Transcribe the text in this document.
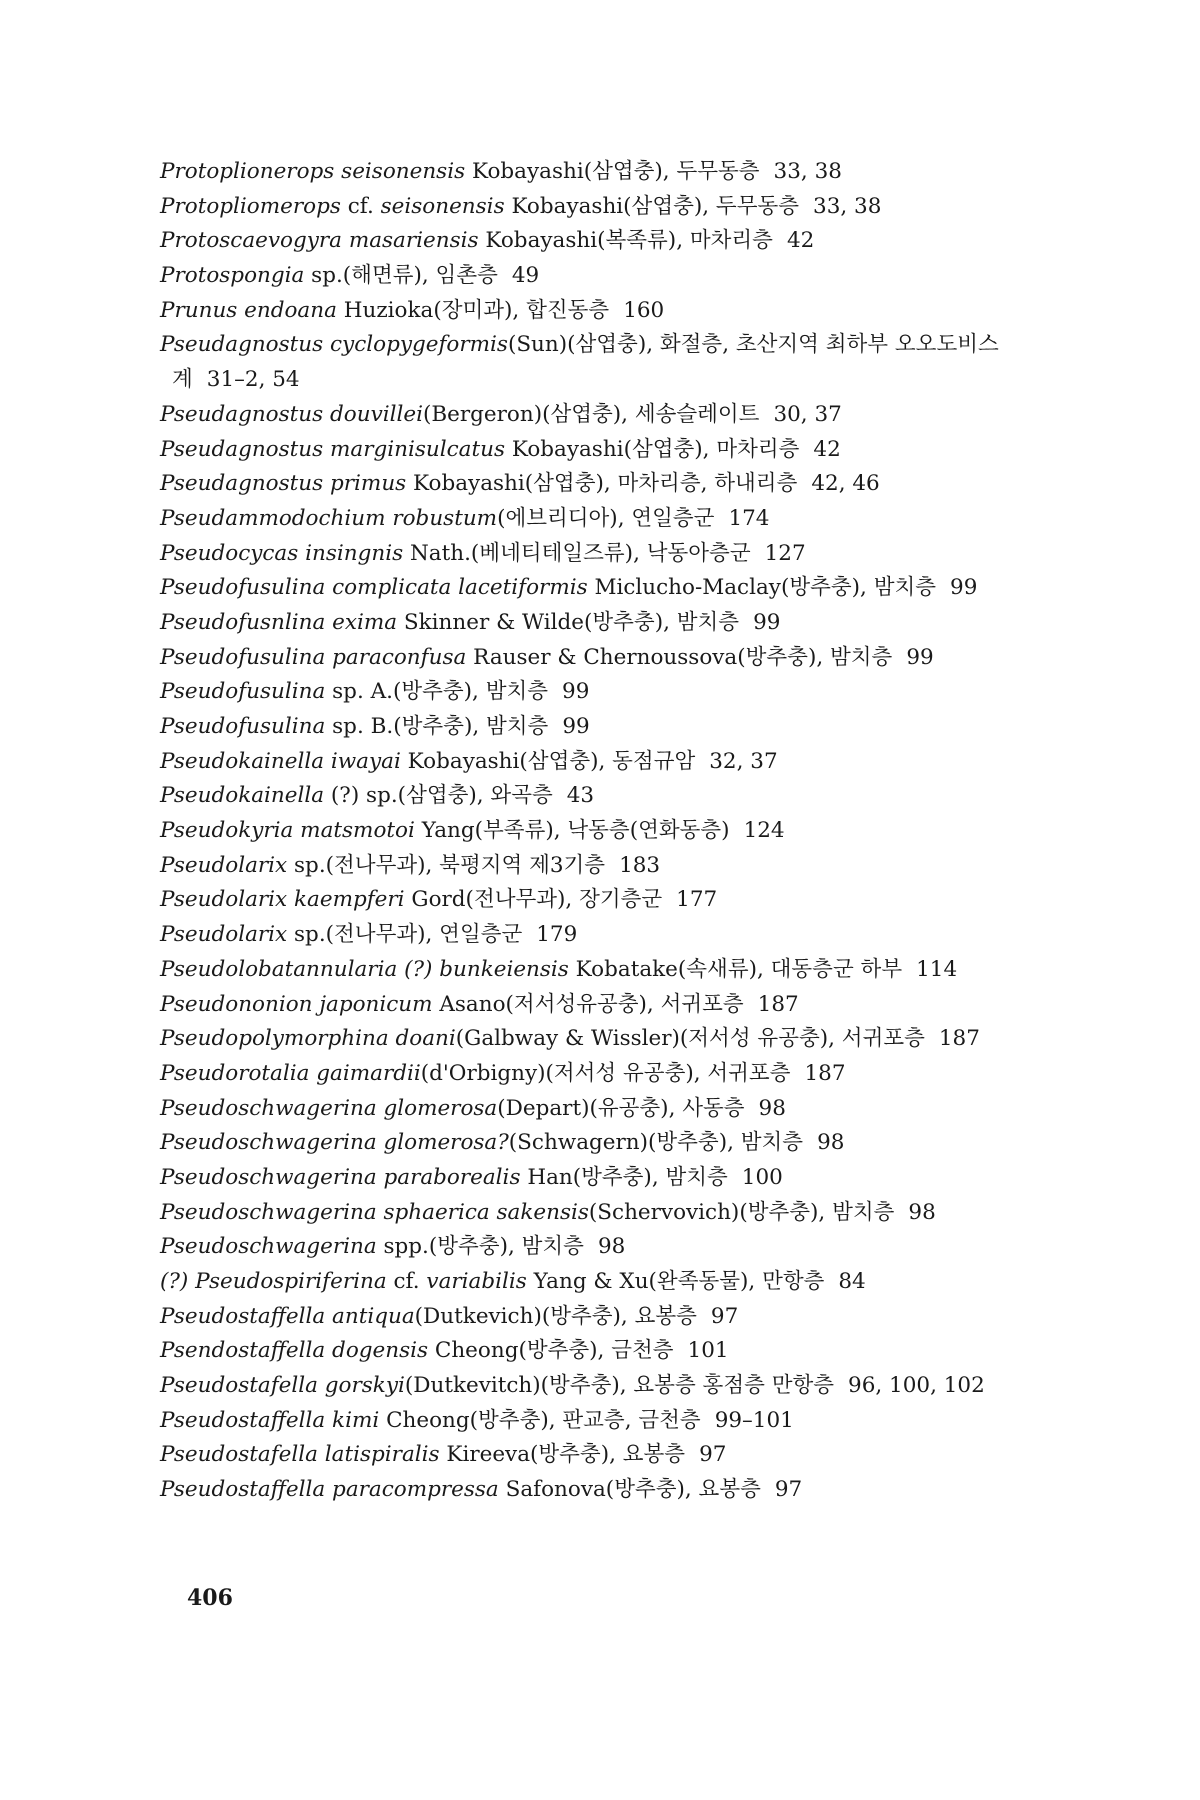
Protoplionerops seisonensis Kobayashi(삼엽충), 두무동층 33, 38
Protopliomerops cf. seisonensis Kobayashi(삼엽충), 두무동층 33, 38
Protoscaevogyra masariensis Kobayashi(복족류), 마차리층 42
Protospongia sp.(해면류), 임촌층 49
Prunus endoana Huzioka(장미과), 합진동층 160
Pseudagnostus cyclopygeformis(Sun)(삼엽충), 화절층, 초산지역 최하부 오오도비스
계 31–2, 54
Pseudagnostus douvillei(Bergeron)(삼엽충), 세송슬레이트 30, 37
Pseudagnostus marginisulcatus Kobayashi(삼엽충), 마차리층 42
Pseudagnostus primus Kobayashi(삼엽충), 마차리층, 하내리층 42, 46
Pseudammodochium robustum(에브리디아), 연일층군 174
Pseudocycas insingnis Nath.(베네티테일즈류), 낙동아층군 127
Pseudofusulina complicata lacetiformis Miclucho-Maclay(방추충), 밤치층 99
Pseudofusnlina exima Skinner & Wilde(방추충), 밤치층 99
Pseudofusulina paraconfusa Rauser & Chernoussova(방추충), 밤치층 99
Pseudofusulina sp. A.(방추충), 밤치층 99
Pseudofusulina sp. B.(방추충), 밤치층 99
Pseudokainella iwayai Kobayashi(삼엽충), 동점규암 32, 37
Pseudokainella (?) sp.(삼엽충), 와곡층 43
Pseudokyria matsmotoi Yang(부족류), 낙동층(연화동층) 124
Pseudolarix sp.(전나무과), 북평지역 제3기층 183
Pseudolarix kaempferi Gord(전나무과), 장기층군 177
Pseudolarix sp.(전나무과), 연일층군 179
Pseudolobatannularia (?) bunkeiensis Kobatake(속새류), 대동층군 하부 114
Pseudononion japonicum Asano(저서성유공충), 서귀포층 187
Pseudopolymorphina doani(Galbway & Wissler)(저서성 유공충), 서귀포층 187
Pseudorotalia gaimardii(d'Orbigny)(저서성 유공충), 서귀포층 187
Pseudoschwagerina glomerosa(Depart)(유공충), 사동층 98
Pseudoschwagerina glomerosa?(Schwagern)(방추충), 밤치층 98
Pseudoschwagerina paraborealis Han(방추충), 밤치층 100
Pseudoschwagerina sphaerica sakensis(Schervovich)(방추충), 밤치층 98
Pseudoschwagerina spp.(방추충), 밤치층 98
(?) Pseudospiriferina cf. variabilis Yang & Xu(완족동물), 만항층 84
Pseudostaffella antiqua(Dutkevich)(방추충), 요봉층 97
Psendostaffella dogensis Cheong(방추충), 금천층 101
Pseudostafella gorskyi(Dutkevitch)(방추충), 요봉층 홍점층 만항층 96, 100, 102
Pseudostaffella kimi Cheong(방추충), 판교층, 금천층 99–101
Pseudostafella latispiralis Kireeva(방추충), 요봉층 97
Pseudostaffella paracompressa Safonova(방추충), 요봉층 97
406
